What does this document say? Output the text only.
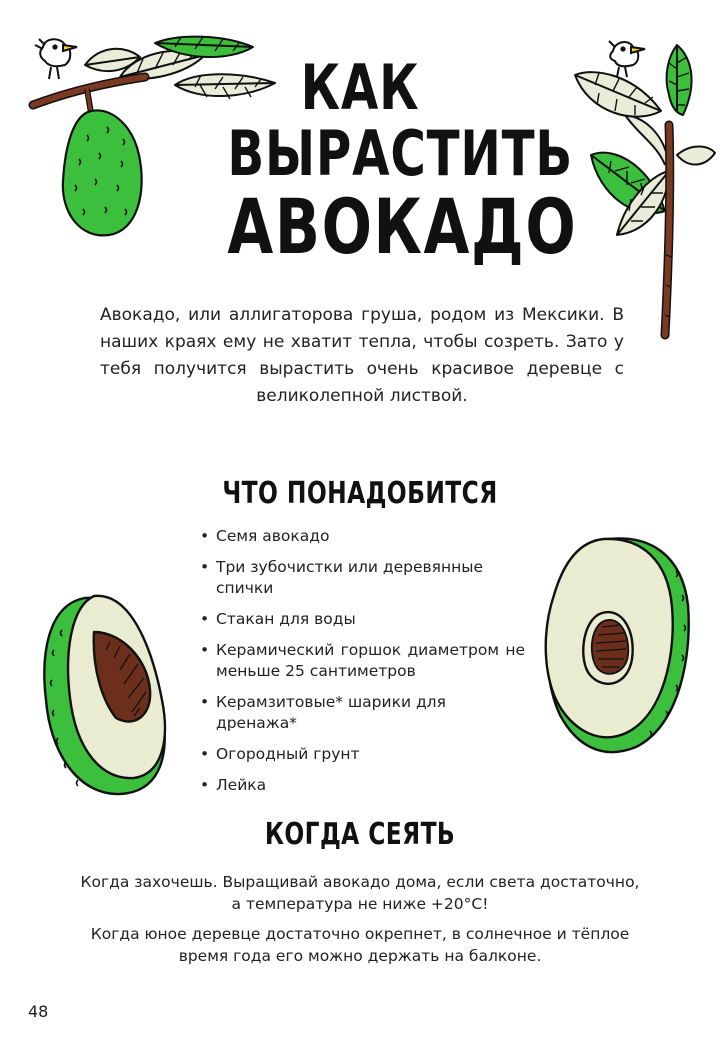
КАК
ВЫРАСТИТЬ
АВОКАДО
Авокадо, или аллигаторова груша, родом из Мексики. В наших краях ему не хватит тепла, чтобы созреть. Зато у тебя получится вырастить очень красивое деревце с великолепной листвой.
ЧТО ПОНАДОБИТСЯ
• Семя авокадо
• Три зубочистки или деревянные спички
• Стакан для воды
• Керамический горшок диаметром не меньше 25 сантиметров
• Керамзитовые* шарики для дренажа*
• Огородный грунт
• Лейка
КОГДА СЕЯТЬ
Когда захочешь. Выращивай авокадо дома, если света достаточно, а температура не ниже +20°C!
Когда юное деревце достаточно окрепнет, в солнечное и тёплое время года его можно держать на балконе.
48
